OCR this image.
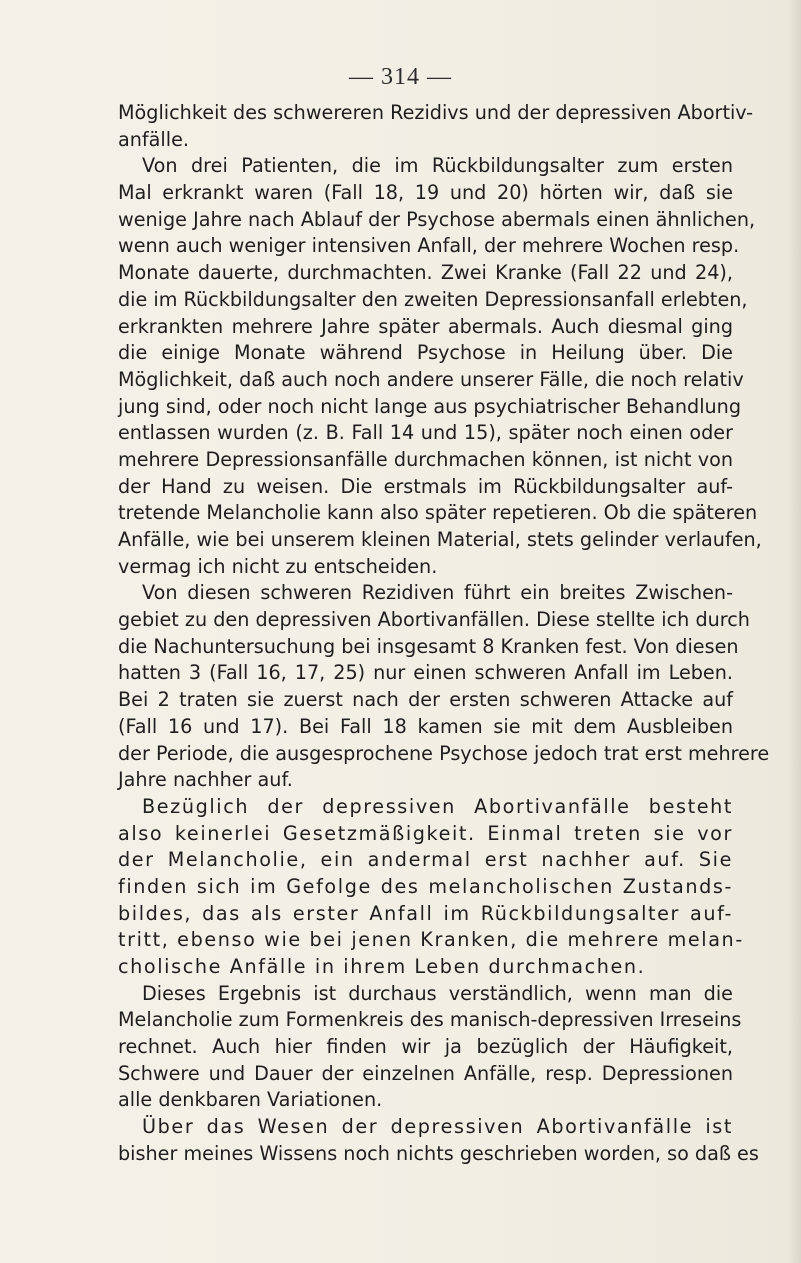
— 314 —
Möglichkeit des schwereren Rezidivs und der depressiven Abortiv-
anfälle.
Von drei Patienten, die im Rückbildungsalter zum ersten
Mal erkrankt waren (Fall 18, 19 und 20) hörten wir, daß sie
wenige Jahre nach Ablauf der Psychose abermals einen ähnlichen,
wenn auch weniger intensiven Anfall, der mehrere Wochen resp.
Monate dauerte, durchmachten. Zwei Kranke (Fall 22 und 24),
die im Rückbildungsalter den zweiten Depressionsanfall erlebten,
erkrankten mehrere Jahre später abermals. Auch diesmal ging
die einige Monate während Psychose in Heilung über. Die
Möglichkeit, daß auch noch andere unserer Fälle, die noch relativ
jung sind, oder noch nicht lange aus psychiatrischer Behandlung
entlassen wurden (z. B. Fall 14 und 15), später noch einen oder
mehrere Depressionsanfälle durchmachen können, ist nicht von
der Hand zu weisen. Die erstmals im Rückbildungsalter auf-
tretende Melancholie kann also später repetieren. Ob die späteren
Anfälle, wie bei unserem kleinen Material, stets gelinder verlaufen,
vermag ich nicht zu entscheiden.
Von diesen schweren Rezidiven führt ein breites Zwischen-
gebiet zu den depressiven Abortivanfällen. Diese stellte ich durch
die Nachuntersuchung bei insgesamt 8 Kranken fest. Von diesen
hatten 3 (Fall 16, 17, 25) nur einen schweren Anfall im Leben.
Bei 2 traten sie zuerst nach der ersten schweren Attacke auf
(Fall 16 und 17). Bei Fall 18 kamen sie mit dem Ausbleiben
der Periode, die ausgesprochene Psychose jedoch trat erst mehrere
Jahre nachher auf.
Bezüglich der depressiven Abortivanfälle besteht
also keinerlei Gesetzmäßigkeit. Einmal treten sie vor
der Melancholie, ein andermal erst nachher auf. Sie
finden sich im Gefolge des melancholischen Zustands-
bildes, das als erster Anfall im Rückbildungsalter auf-
tritt, ebenso wie bei jenen Kranken, die mehrere melan-
cholische Anfälle in ihrem Leben durchmachen.
Dieses Ergebnis ist durchaus verständlich, wenn man die
Melancholie zum Formenkreis des manisch-depressiven Irreseins
rechnet. Auch hier finden wir ja bezüglich der Häufigkeit,
Schwere und Dauer der einzelnen Anfälle, resp. Depressionen
alle denkbaren Variationen.
Über das Wesen der depressiven Abortivanfälle ist
bisher meines Wissens noch nichts geschrieben worden, so daß es
